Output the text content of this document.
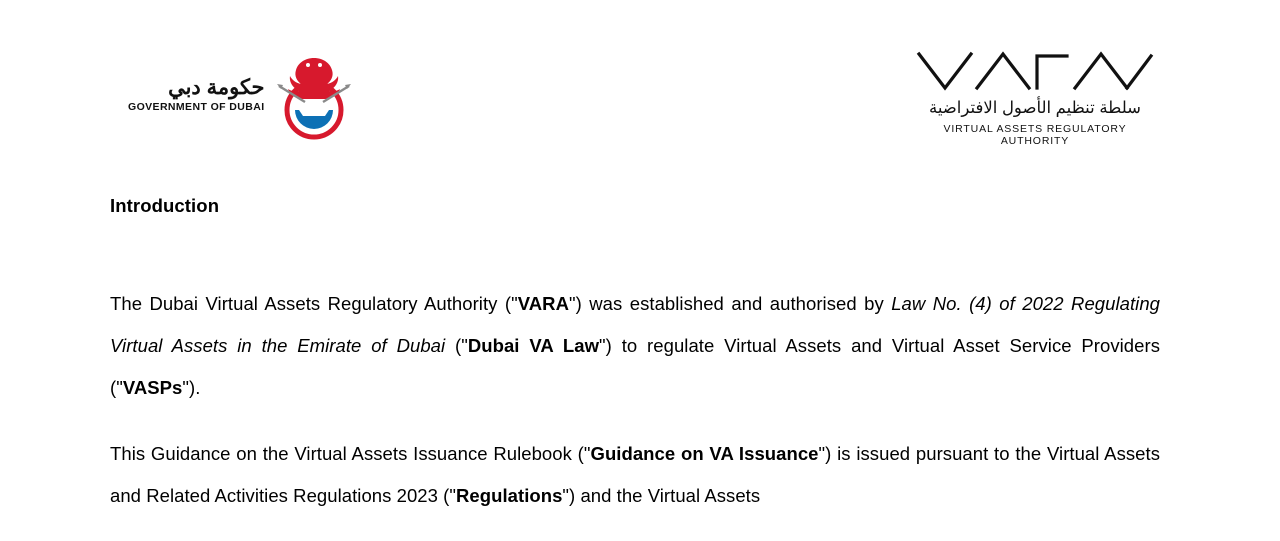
حكومة دبي
GOVERNMENT OF DUBAI	سلطة تنظيم الأصول الافتراضية
VIRTUAL ASSETS REGULATORY AUTHORITY
Introduction

The Dubai Virtual Assets Regulatory Authority ("VARA") was established and authorised by Law No. (4) of 2022 Regulating Virtual Assets in the Emirate of Dubai ("Dubai VA Law") to regulate Virtual Assets and Virtual Asset Service Providers ("VASPs").

This Guidance on the Virtual Assets Issuance Rulebook ("Guidance on VA Issuance") is issued pursuant to the Virtual Assets and Related Activities Regulations 2023 ("Regulations") and the Virtual Assets
